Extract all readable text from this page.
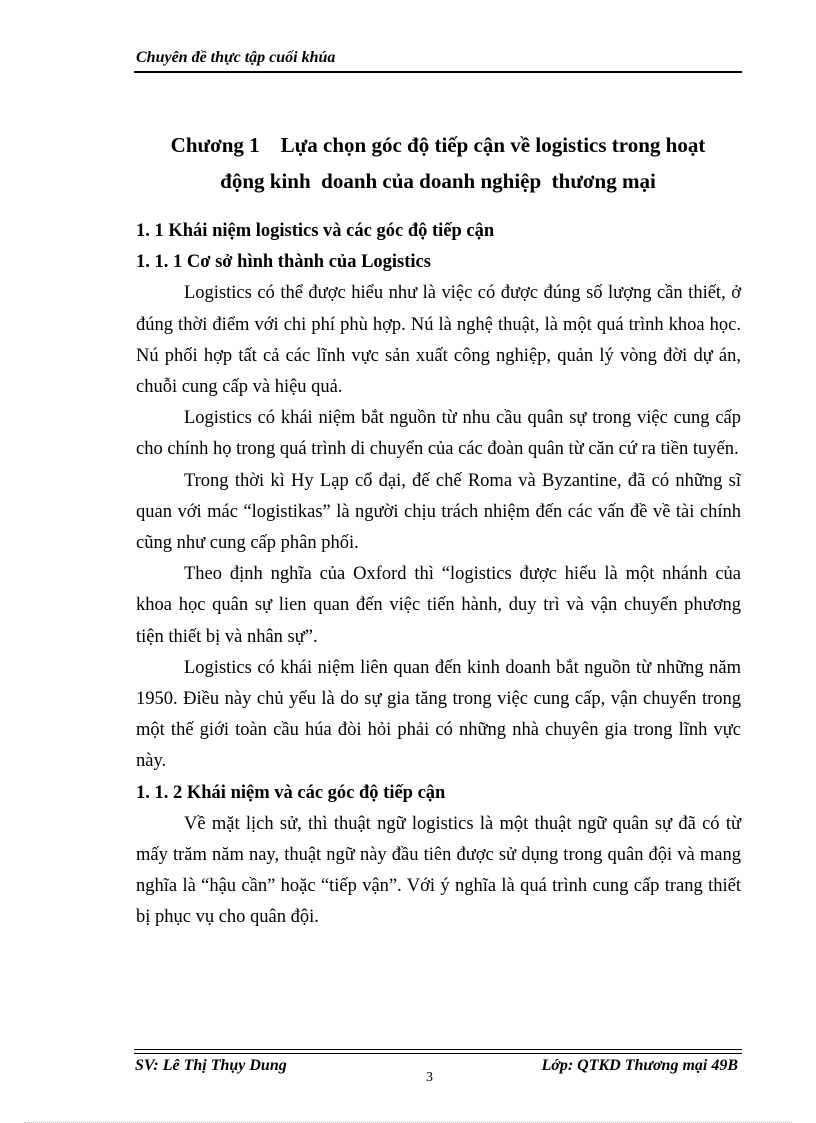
Chuyên đề thực tập cuối khúa
Chương 1    Lựa chọn góc độ tiếp cận về logistics trong hoạt
động kinh  doanh của doanh nghiệp  thương mại
1. 1 Khái niệm logistics và các góc độ tiếp cận
1. 1. 1 Cơ sở hình thành của Logistics
Logistics có thể được hiểu như là việc có được đúng số lượng cần thiết, ở đúng thời điểm với chi phí phù hợp. Nú là nghệ thuật, là một quá trình khoa học. Nú phối hợp tất cả các lĩnh vực sản xuất công nghiệp, quản lý vòng đời dự án, chuỗi cung cấp và hiệu quả.
Logistics có khái niệm bắt nguồn từ nhu cầu quân sự trong việc cung cấp cho chính họ trong quá trình di chuyển của các đoàn quân từ căn cứ ra tiền tuyến.
Trong thời kì Hy Lạp cổ đại, đế chế Roma và Byzantine, đã có những sĩ quan với mác “logistikas” là người chịu trách nhiệm đến các vấn đề về tài chính cũng như cung cấp phân phối.
Theo định nghĩa của Oxford thì “logistics được hiểu là một nhánh của khoa học quân sự lien quan đến việc tiến hành, duy trì và vận chuyển phương tiện thiết bị và nhân sự”.
Logistics có khái niệm liên quan đến kinh doanh bắt nguồn từ những năm 1950. Điều này chủ yếu là do sự gia tăng trong việc cung cấp, vận chuyển trong một thế giới toàn cầu húa đòi hỏi phải có những nhà chuyên gia trong lĩnh vực này.
1. 1. 2 Khái niệm và các góc độ tiếp cận
Về mặt lịch sử, thì thuật ngữ logistics là một thuật ngữ quân sự đã có từ mấy trăm năm nay, thuật ngữ này đầu tiên được sử dụng trong quân đội và mang nghĩa là “hậu cần” hoặc “tiếp vận”. Với ý nghĩa là quá trình cung cấp trang thiết bị phục vụ cho quân đội.
SV: Lê Thị Thụy Dung	Lớp: QTKD Thương mại 49B
3
